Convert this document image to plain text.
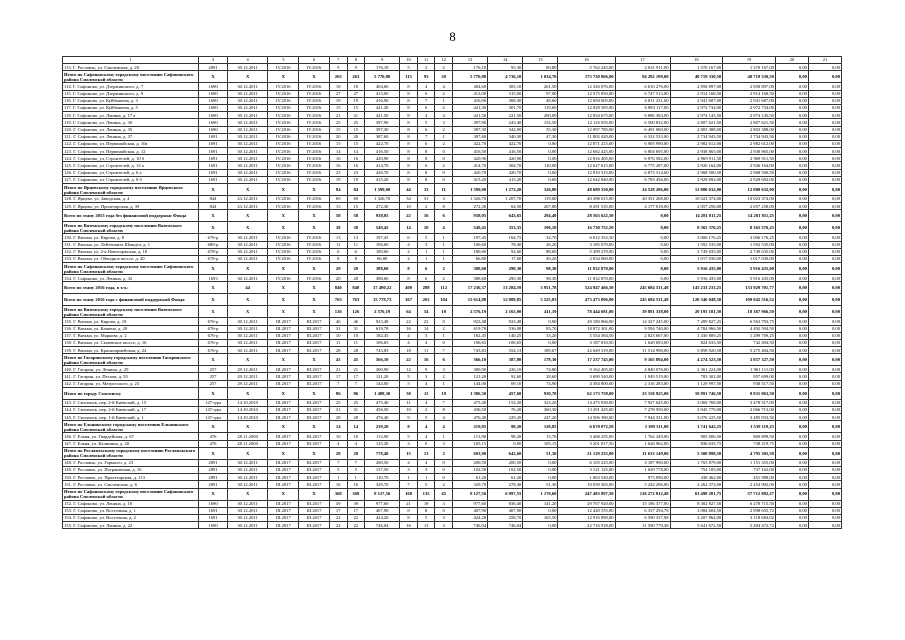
8
1	3	4	5	6	7	8	9	10	11	12	13	14	15	16	17	18	19	20	21
113. Г. Рославль, ул. Смоленская, д. 20	2891	30.12.2011	IV.2016	IV.2016	9	9	176,10	5	2	2	176,10	95,30	80,80	5 762 245,00	2 631 911,00	1 370 167,00	1 370 167,00	0,00	0,00
Итого по Сафоновскому городскому поселению Сафоновского района Смоленской области	X	X	X	X	263	263	5 770,80	113	93	20	5 770,80	4 736,10	1 034,70	175 720 866,00	94 282 199,00	40 719 330,50	40 719 330,50	0,00	0,00
114. Г. Сафоново, ул. Дзержинского, д. 7	1690	30.12.2011	IV.2016	IV.2016	18	18	404,60	8	4	4	404,60	305,10	201,50	12 326 076,00	6 610 276,00	2 858 897,00	2 858 897,00	0,00	0,00
115. Г. Сафоново, ул. Дзержинского, д. 9	1690	30.12.2011	IV.2016	IV.2016	27	27	413,00	8	6	2	413,00	315,00	97,00	12 575 850,00	6 747 513,00	2 914 168,50	2 914 168,50	0,00	0,00
116. Г. Сафоново, ул. Куйбышева, д. 3	1690	30.12.2011	IV.2016	IV.2016	19	19	416,90	8	7	1	416,90	368,30	48,60	12 694 605,00	6 811 231,00	2 941 687,00	2 941 687,00	0,00	0,00
117. Г. Сафоново, ул. Куйбышева, д. 5	1690	30.12.2011	IV.2016	IV.2016	15	15	421,30	8	6	2	421,30	301,70	119,60	12 828 585,00	6 883 117,00	2 972 734,00	2 972 734,00	0,00	0,00
118. Г. Сафоново, ул. Ленина, д. 17 а	1690	30.12.2011	IV.2016	IV.2016	21	21	421,50	8	4	4	421,50	221,50	200,00	12 834 675,00	6 886 384,00	2 974 145,50	2 974 145,50	0,00	0,00
119. Г. Сафоново, ул. Ленина, д. 30	1690	30.12.2011	IV.2016	IV.2016	25	25	397,90	8	5	3	397,90	243,40	154,50	12 116 055,00	6 500 832,00	2 807 621,50	2 807 621,50	0,00	0,00
120. Г. Сафоново, ул. Ленина, д. 35	1690	30.12.2011	IV.2016	IV.2016	15	15	397,30	8	6	2	397,30	342,00	55,30	12 097 785,00	6 491 000,00	2 803 388,00	2 803 388,00	0,00	0,00
121. Г. Сафоново, ул. Ленина, д. 37	1691	30.12.2011	IV.2016	IV.2016	20	20	387,60	8	7	1	387,60	340,30	47,30	11 802 420,00	6 332 533,00	2 734 943,50	2 734 943,50	0,00	0,00
122. Г. Сафоново, ул. Первомайская, д. 10а	1691	30.12.2011	IV.2016	IV.2016	15	15	422,70	8	6	2	422,70	422,70	0,00	12 871 215,00	6 905 990,00	2 982 612,00	2 982 612,00	0,00	0,00
123. Г. Сафоново, ул. Первомайская, д. 12	1691	30.12.2011	IV.2016	IV.2016	14	14	416,50	8	8	0	416,50	416,50	0,00	12 682 425,00	6 804 695,00	2 938 865,00	2 938 865,00	0,00	0,00
124. Г. Сафоново, ул. Строителей, д. 10 б	1691	30.12.2011	IV.2016	IV.2016	16	16	420,90	8	8	0	420,90	420,90	0,00	12 816 405,00	6 876 582,00	2 969 911,50	2 969 911,50	0,00	0,00
125. Г. Сафоново, ул. Строителей, д. 12 а	1691	30.12.2011	IV.2016	IV.2016	16	16	414,70	8	6	2	414,70	304,70	110,00	12 627 615,00	6 775 287,00	2 926 164,00	2 926 164,00	0,00	0,00
126. Г. Сафоново, ул. Строителей, д. 6 а	1691	30.12.2011	IV.2016	IV.2016	23	23	420,70	8	8	0	420,70	420,70	0,00	12 810 315,00	6 873 314,00	2 968 500,50	2 968 500,50	0,00	0,00
127. Г. Сафоново, ул. Строителей, д. 8 б	1691	30.12.2011	IV.2016	IV.2016	19	19	415,20	8	8	0	415,20	415,20	0,00	12 642 840,00	6 783 456,00	2 929 692,00	2 929 692,00	0,00	0,00
Итого по Ярцевскому городскому поселению Ярцевского района Смоленской области	X	X	X	X	84	84	1 599,00	44	33	11	1 599,00	1 272,20	326,80	48 689 550,00	24 528 286,00	12 080 632,00	12 080 632,00	0,00	0,00
128. Г. Ярцево, ул. Заводская, д. 4	844	23.12.2011	IV.2016	IV.2016	69	69	1 326,70	34	31	3	1 326,70	1 207,70	119,00	40 398 015,00	20 351 268,00	10 023 374,00	10 023 374,00	0,00	0,00
129. Г. Ярцево, ул. Пролетарская, д. 39	844	23.12.2011	IV.2016	IV.2016	15	15	272,30	10	2	8	272,30	64,50	207,80	8 291 535,00	4 177 018,00	2 057 258,00	2 057 258,00	0,00	0,00
Всего по этапу 2015 года без финансовой поддержки Фонда	X	X	X	X	58	58	938,05	22	16	6	938,05	643,65	294,40	28 563 622,50	0,00	14 281 811,25	14 281 811,25	0,00	0,00
Итого по Вяземскому городскому поселению Вяземского района Смоленской области	X	X	X	X	38	38	549,45	14	10	4	549,45	353,35	196,10	16 730 752,50	0,00	8 365 376,25	8 365 376,25	0,00	0,00
130. Г. Вязьма, ул. Кирова, д. 8	676-р	30.12.2011	IV.2016	IV.2016	13	13	197,45	6	5	1	197,45	164,75	32,70	6 012 352,50	0,00	3 006 176,25	3 006 176,25	0,00	0,00
131. Г. Вязьма, ул. Лейтенанта Шмидта, д. 1	680-р	30.12.2011	IV.2016	IV.2016	11	11	106,60	4	3	1	106,60	78,40	26,20	3 185 070,00	0,00	1 592 535,00	1 592 535,00	0,00	0,00
132. Г. Вязьма, ул. 2-я Новоторжская, д. 10	678-р	30.12.2011	IV.2016	IV.2016	6	6	180,60	2	1	1	180,60	92,60	88,00	5 499 270,00	0,00	2 749 635,00	2 749 635,00	0,00	0,00
133. Г. Вязьма, ул. Обводное шоссе, д. 20	678-р	30.12.2011	IV.2016	IV.2016	8	8	66,80	2	1	1	66,80	17,60	49,20	2 034 060,00	0,00	1 017 030,00	1 017 030,00	0,00	0,00
Итого по Сафоновскому городскому поселению Сафоновского района Смоленской области	X	X	X	X	20	20	388,60	8	6	2	388,60	290,30	98,30	11 832 870,00	0,00	5 916 435,00	5 916 435,00	0,00	0,00
134. Г. Сафоново, ул. Ленина, д. 32	1693	30.12.2011	IV.2016	IV.2016	20	20	388,60	8	6	2	388,60	290,30	98,30	11 832 870,00	0,00	5 916 435,00	5 916 435,00	0,00	0,00
Всего по этапу 2016 года, в т.ч.:	X	44	X	X	840	840	17 490,22	400	288	112	17 236,37	13 284,59	3 951,78	524 847 466,50	245 684 531,48	145 233 233,25	133 929 701,77	0,00	0,00
Всего по этапу 2016 года с финансовой поддержкой Фонда	X	X	X	X	763	763	15 778,73	367	263	104	15 614,88	12 089,85	3 525,03	473 473 096,00	245 684 531,48	120 346 048,50	109 042 516,52	0,00	0,00
Итого по Вяземскому городскому поселению Вяземского района Смоленской области	X	X	X	X	126	126	2 576,19	64	54	10	2 576,19	2 165,00	411,19	78 444 681,00	39 881 338,00	20 195 181,50	18 367 966,50	0,00	0,00
135. Г. Вязьма, ул. Кирова, д. 18	676-р	30.12.2011	III.2017	III.2017	46	46	923,48	22	22	0	923,48	923,48	0,00	28 180 866,00	14 327 245,00	7 289 827,25	6 563 793,75	0,00	0,00
136. Г. Вязьма, ул. Кашена, д. 20	676-р	30.12.2011	III.2017	III.2017	31	31	619,78	16	14	2	619,78	536,08	83,70	18 872 301,00	9 594 740,00	4 784 966,50	4 492 594,50	0,00	0,00
137. Г. Вязьма, ул. Маркова, д. 2	676-р	30.12.2011	III.2017	III.2017	10	10	182,45	4	3	1	182,45	140,25	33,20	5 554 384,50	2 823 667,00	1 430 809,25	1 299 709,25	0,00	0,00
138. Г. Вязьма, ул. Сычевское шоссе, д. 16	676-р	30.12.2011	III.2017	III.2017	11	11	106,65	4	4	0	106,65	106,65	0,00	3 187 810,50	1 620 693,00	824 633,50	742 494,50	0,00	0,00
139. Г. Вязьма, ул. Красноармейская, д. 24	676-р	30.12.2011	III.2017	III.2017	28	28	743,83	18	11	7	743,83	554,13	189,67	22 649 319,00	11 514 998,00	5 858 920,50	5 275 404,50	0,00	0,00
Итого по Гагаринскому городскому поселению Гагаринского района Смоленской области	X	X	X	X	45	45	566,10	22	16	6	566,10	387,80	178,30	17 237 745,00	9 165 894,00	4 274 523,50	3 857 327,50	0,00	0,00
140. Г. Гагарин, ул. Ленина, д. 29	257	29.12.2011	III.2017	III.2017	21	21	300,90	12	9	3	300,90	226,10	74,80	9 162 405,00	4 840 076,00	2 361 224,00	1 961 111,00	0,00	0,00
141. Г. Гагарин, ул. Песков, д. 55	257	29.12.2011	III.2017	III.2017	17	17	121,20	5	3	2	121,20	92,60	28,60	3 690 540,00	1 949 519,00	783 302,00	957 699,00	0,00	0,00
142. Г. Гагарин, ул. Матросского, д. 23	257	29.12.2011	III.2017	III.2017	7	7	144,00	5	4	1	144,00	69,10	74,90	4 384 800,00	2 316 283,00	1 129 997,50	938 517,50	0,00	0,00
Итого по городу Смоленску	X	X	X	X	86	86	1 408,30	30	11	19	1 386,30	457,60	930,70	62 173 758,00	23 150 925,00	10 991 746,50	9 031 063,50	0,00	0,00
143. Г. Смоленск, пер. 2-й Киевский, д. 15	147-адм	14.10.2010	III.2017	III.2017	25	25	475,40	11	4	7	475,40	152,20	323,20	14 475 930,00	7 927 645,00	3 069 768,00	3 478 517,00	0,00	0,00
144. Г. Смоленск, пер. 2-й Киевский, д. 17	147-адм	14.10.2010	III.2017	III.2017	31	31	456,50	10	2	8	436,50	76,20	360,30	13 291 425,00	7 278 950,00	3 945 779,00	2 066 713,00	0,00	0,00
145. Г. Смоленск, пер. 1-й Киевский, д. 1	147-адм	14.10.2010	III.2017	III.2017	28	28	476,40	9	5	4	476,40	229,20	247,20	14 506 380,00	7 944 331,00	3 076 225,50	3 485 833,50	0,00	0,00
Итого по Ельнинскому городскому поселению Ельнинского района Смоленской области	X	X	X	X	14	14	239,20	8	4	4	219,05	98,20	120,85	6 670 072,50	3 389 311,00	1 741 642,25	1 539 119,25	0,00	0,00
146. Г. Ельня, ул. Гвардейская, д. 67	476	28.11.2000	III.2017	III.2017	10	10	113,90	5	4	1	113,90	98,20	15,70	3 468 255,00	1 762 349,00	905 006,50	800 899,50	0,00	0,00
147. Г. Ельня, ул. Калинина, д. 20	476	28.11.2000	III.2017	III.2017	4	4	125,30	3	0	3	105,15	0,00	105,15	3 201 817,50	1 626 962,00	836 635,75	738 219,75	0,00	0,00
Итого по Рославльскому городскому поселению Рославльского района Смоленской области	X	X	X	X	28	28	778,40	15	13	2	693,90	642,60	51,30	21 129 255,00	11 633 149,00	5 300 898,50	4 795 305,50	0,00	0,00
148. Г. Рославль, ул. Горького, д. 23	2891	30.12.2011	III.2017	III.2017	7	7	200,50	4	4	0	200,50	200,50	0,00	6 105 225,00	3 187 990,00	1 765 879,00	1 151 355,00	0,00	0,00
149. Г. Рославль, ул. Пограничная, д. 16	2891	30.12.2011	III.2017	III.2017	5	5	137,50	3	3	0	102,50	102,50	0,00	3 121 125,00	1 629 778,00	754 185,00	737 162,00	0,00	0,00
150. Г. Рославль, ул. Пролетарская, д. 113	2891	30.12.2011	III.2017	III.2017	1	1	110,70	1	1	0	61,20	61,20	0,00	1 863 540,00	973 090,00	438 462,00	451 988,00	0,00	0,00
151. Г. Рославль, ул. Смоленская, д. 6	2891	30.12.2011	III.2017	III.2017	16	16	329,70	7	5	2	329,70	278,40	51,30	10 039 365,00	5 242 296,00	2 262 372,00	2 454 902,00	0,00	0,00
Итого по Сафоновскому городскому поселению Сафоновского района Смоленской области	X	X	X	X	368	368	8 127,56	168	135	45	8 127,56	6 997,55	1 170,60	247 483 897,50	126 272 812,48	63 498 281,75	57 712 882,27	0,00	0,00
152. Г. Сафоново, ул. Ленина, д. 10	1690	30.12.2011	III.2017	III.2017	39	39	977,60	21	18	3	977,60	836,40	141,20	29 767 920,00	15 186 377,00	8 302 827,50	6 278 715,50	0,00	0,00
153. Г. Сафоново, ул. Восточная, д. 1	1691	30.12.2011	III.2017	III.2017	17	17	407,90	8	8	0	407,90	407,90	0,00	12 420 555,00	6 337 294,78	3 084 604,50	2 998 655,72	0,00	0,00
154. Г. Сафоново, ул. Восточная, д. 2	1691	30.12.2011	III.2017	III.2017	22	22	424,20	8	5	3	424,20	258,70	165,50	12 916 890,00	6 590 337,98	3 207 864,00	3 118 684,02	0,00	0,00
155. Г. Сафоново, ул. Ленина, д. 22	1690	30.12.2011	III.2017	III.2017	22	22	746,04	16	13	3	746,04	746,04	0,00	22 716 918,00	11 590 779,38	5 641 672,50	5 484 472,72	0,00	0,00
